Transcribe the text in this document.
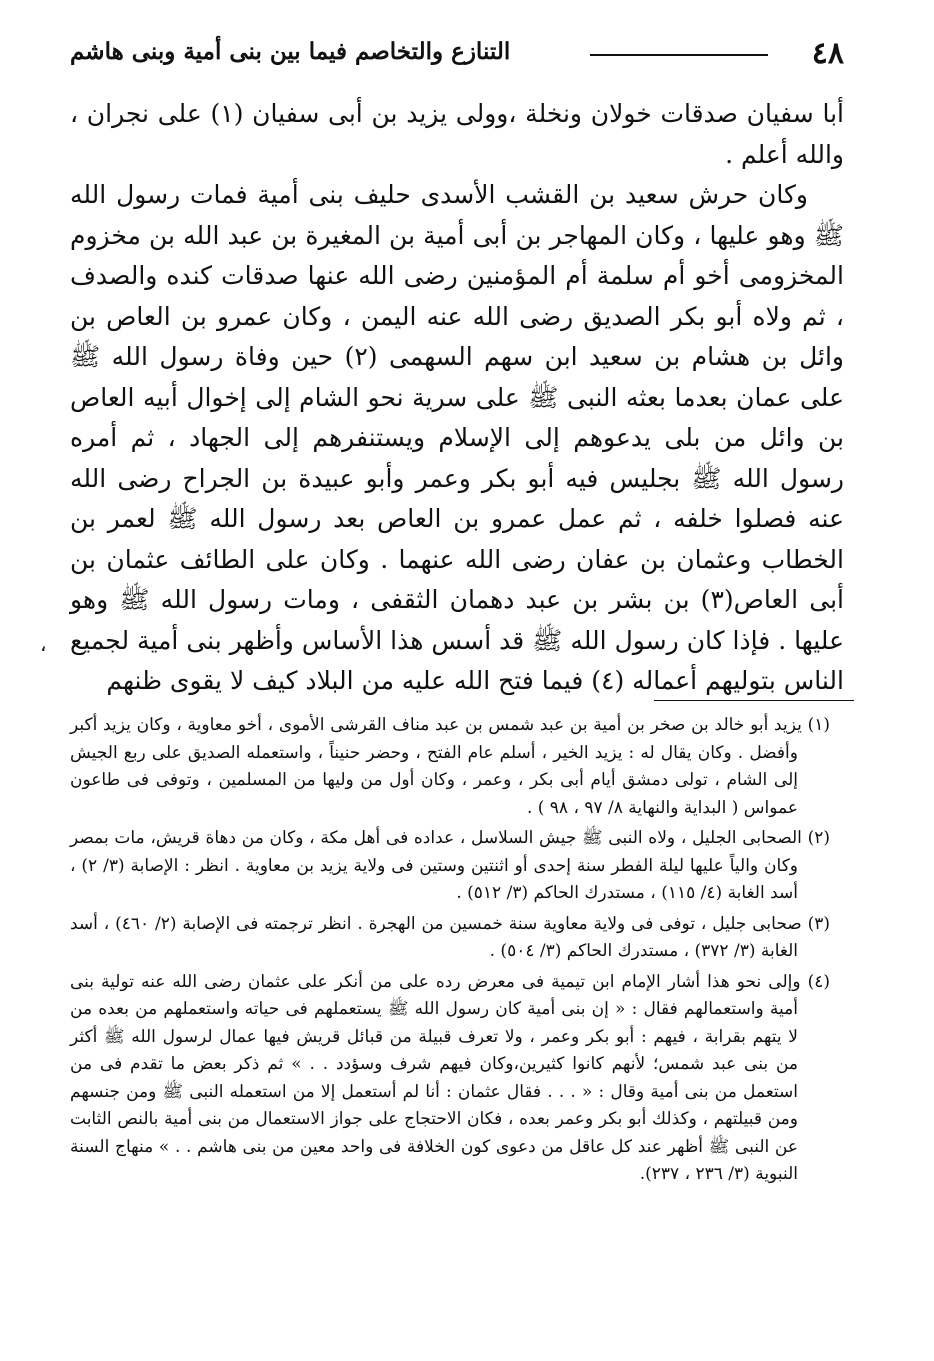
٤٨
التنازع والتخاصم فيما بين بنى أمية وبنى هاشم

أبا سفيان صدقات خولان ونخلة ،وولى يزيد بن أبى سفيان (١) على نجران ، والله أعلم .

وكان حرش سعيد بن القشب الأسدى حليف بنى أمية فمات رسول الله ﷺ وهو عليها ، وكان المهاجر بن أبى أمية بن المغيرة بن عبد الله بن مخزوم المخزومى أخو أم سلمة أم المؤمنين رضى الله عنها صدقات كنده والصدف ، ثم ولاه أبو بكر الصديق رضى الله عنه اليمن ، وكان عمرو بن العاص بن وائل بن هشام بن سعيد ابن سهم السهمى (٢) حين وفاة رسول الله ﷺ على عمان بعدما بعثه النبى ﷺ على سرية نحو الشام إلى إخوال أبيه العاص بن وائل من بلى يدعوهم إلى الإسلام ويستنفرهم إلى الجهاد ، ثم أمره رسول الله ﷺ بجليس فيه أبو بكر وعمر وأبو عبيدة بن الجراح رضى الله عنه فصلوا خلفه ، ثم عمل عمرو بن العاص بعد رسول الله ﷺ لعمر بن الخطاب وعثمان بن عفان رضى الله عنهما . وكان على الطائف عثمان بن أبى العاص(٣) بن بشر بن عبد دهمان الثقفى ، ومات رسول الله ﷺ وهو عليها . فإذا كان رسول الله ﷺ قد أسس هذا الأساس وأظهر بنى أمية لجميع الناس بتوليهم أعماله (٤) فيما فتح الله عليه من البلاد كيف لا يقوى ظنهم

(١) يزيد أبو خالد بن صخر بن أمية بن عبد شمس بن عبد مناف القرشى الأموى ، أخو معاوية ، وكان يزيد أكبر وأفضل . وكان يقال له : يزيد الخير ، أسلم عام الفتح ، وحضر حنيناً ، واستعمله الصديق على ربع الجيش إلى الشام ، تولى دمشق أيام أبى بكر ، وعمر ، وكان أول من وليها من المسلمين ، وتوفى فى طاعون عمواس ( البداية والنهاية ٨/ ٩٧ ، ٩٨ ) .

(٢) الصحابى الجليل ، ولاه النبى ﷺ جيش السلاسل ، عداده فى أهل مكة ، وكان من دهاة قريش، مات بمصر وكان والياً عليها ليلة الفطر سنة إحدى أو اثنتين وستين فى ولاية يزيد بن معاوية . انظر : الإصابة (٣/ ٢) ، أسد الغابة (٤/ ١١٥) ، مستدرك الحاكم (٣/ ٥١٢) .

(٣) صحابى جليل ، توفى فى ولاية معاوية سنة خمسين من الهجرة . انظر ترجمته فى الإصابة (٢/ ٤٦٠) ، أسد الغابة (٣/ ٣٧٢) ، مستدرك الحاكم (٣/ ٥٠٤) .

(٤) وإلى نحو هذا أشار الإمام ابن تيمية فى معرض رده على من أنكر على عثمان رضى الله عنه تولية بنى أمية واستعمالهم فقال : « إن بنى أمية كان رسول الله ﷺ يستعملهم فى حياته واستعملهم من بعده من لا يتهم بقرابة ، فيهم : أبو بكر وعمر ، ولا تعرف قبيلة من قبائل قريش فيها عمال لرسول الله ﷺ أكثر من بنى عبد شمس؛ لأنهم كانوا كثيرين،وكان فيهم شرف وسؤدد . . » ثم ذكر بعض ما تقدم فى من استعمل من بنى أمية وقال : « . . . فقال عثمان : أنا لم أستعمل إلا من استعمله النبى ﷺ ومن جنسهم ومن قبيلتهم ، وكذلك أبو بكر وعمر بعده ، فكان الاحتجاج على جواز الاستعمال من بنى أمية بالنص الثابت عن النبى ﷺ أظهر عند كل عاقل من دعوى كون الخلافة فى واحد معين من بنى هاشم . . » منهاج السنة النبوية (٣/ ٢٣٦ ، ٢٣٧).

،
